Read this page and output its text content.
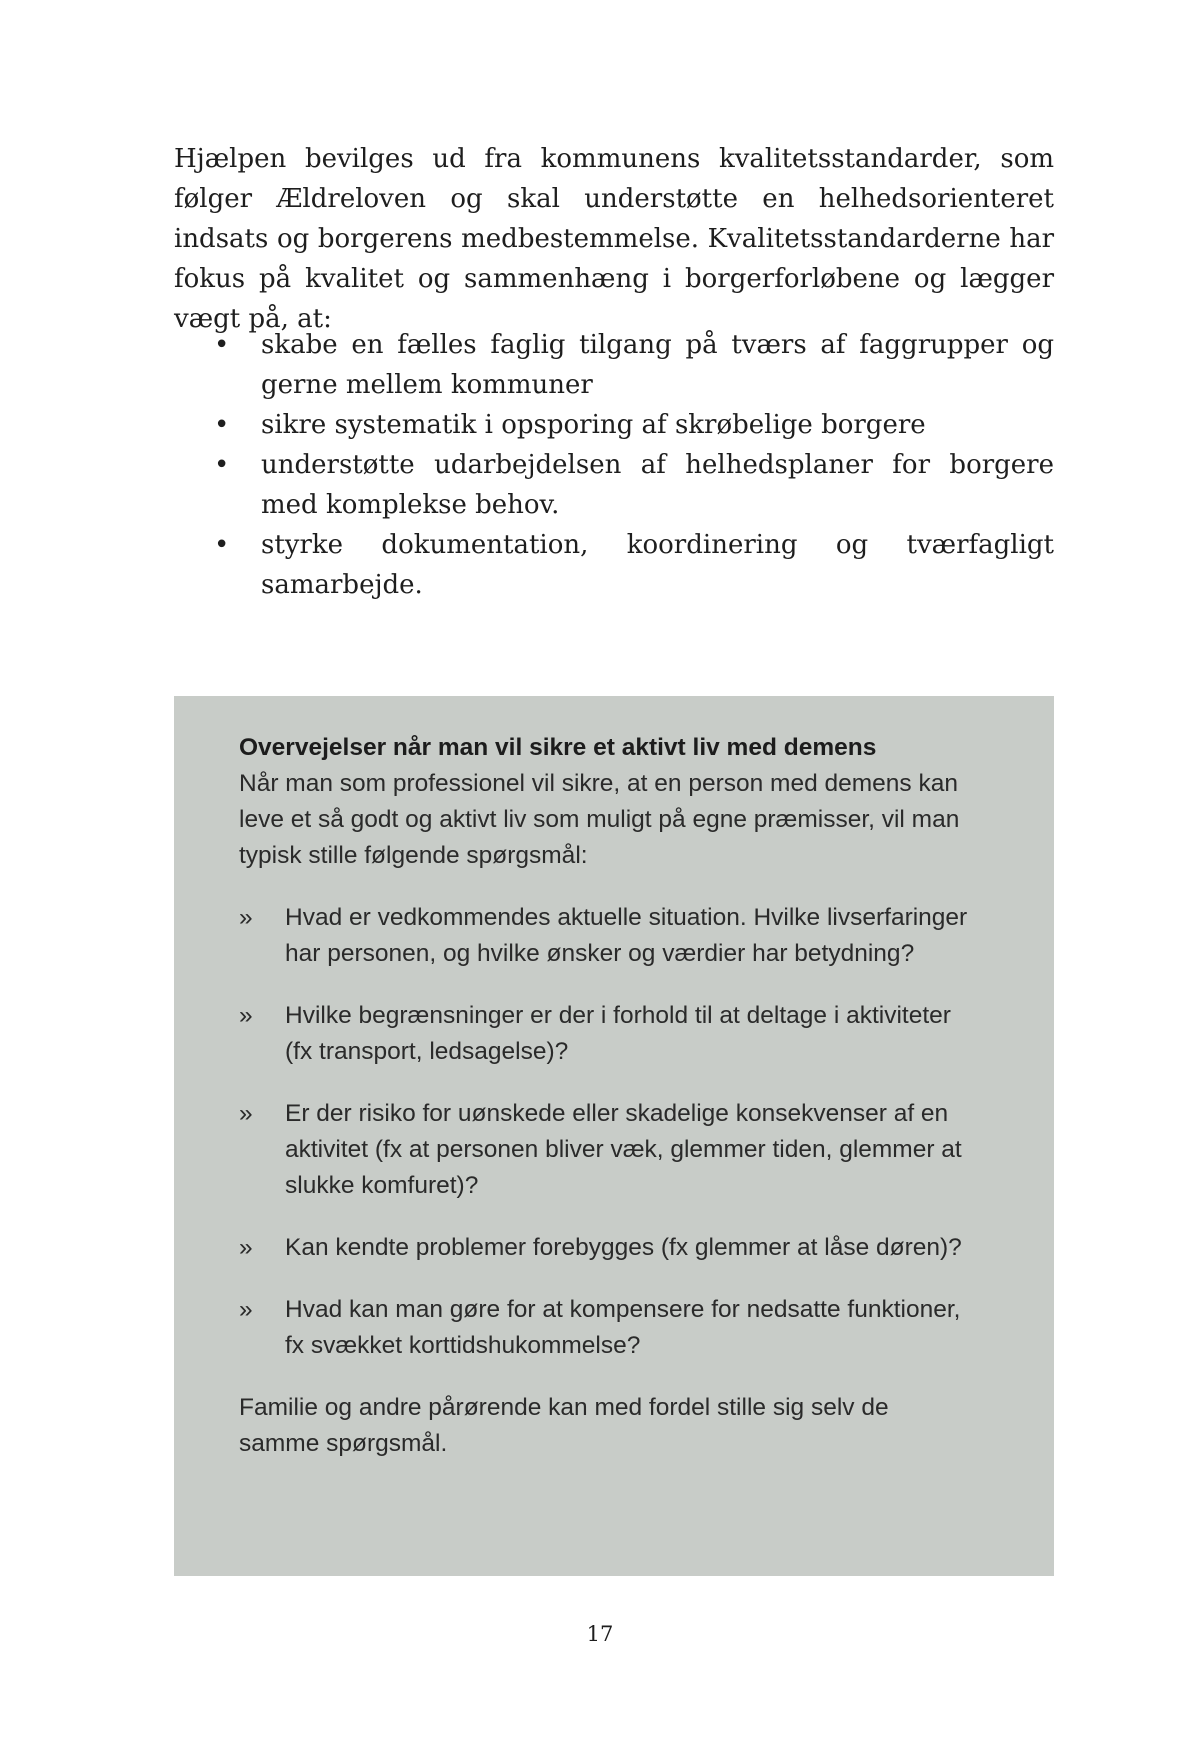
Hjælpen bevilges ud fra kommunens kvalitetsstandarder, som følger Ældreloven og skal understøtte en helhedsorienteret indsats og borgerens medbestemmelse. Kvalitetsstandarderne har fokus på kvalitet og sammenhæng i borgerforløbene og lægger vægt på, at:

• skabe en fælles faglig tilgang på tværs af faggrupper og gerne mellem kommuner
• sikre systematik i opsporing af skrøbelige borgere
• understøtte udarbejdelsen af helhedsplaner for borgere med komplekse behov.
• styrke dokumentation, koordinering og tværfagligt samarbejde.

Overvejelser når man vil sikre et aktivt liv med demens

Når man som professionel vil sikre, at en person med demens kan leve et så godt og aktivt liv som muligt på egne præmisser, vil man typisk stille følgende spørgsmål:

» Hvad er vedkommendes aktuelle situation. Hvilke livserfaringer har personen, og hvilke ønsker og værdier har betydning?
» Hvilke begrænsninger er der i forhold til at deltage i aktiviteter (fx transport, ledsagelse)?
» Er der risiko for uønskede eller skadelige konsekvenser af en aktivitet (fx at personen bliver væk, glemmer tiden, glemmer at slukke komfuret)?
» Kan kendte problemer forebygges (fx glemmer at låse døren)?
» Hvad kan man gøre for at kompensere for nedsatte funktioner, fx svækket korttidshukommelse?

Familie og andre pårørende kan med fordel stille sig selv de samme spørgsmål.

17
